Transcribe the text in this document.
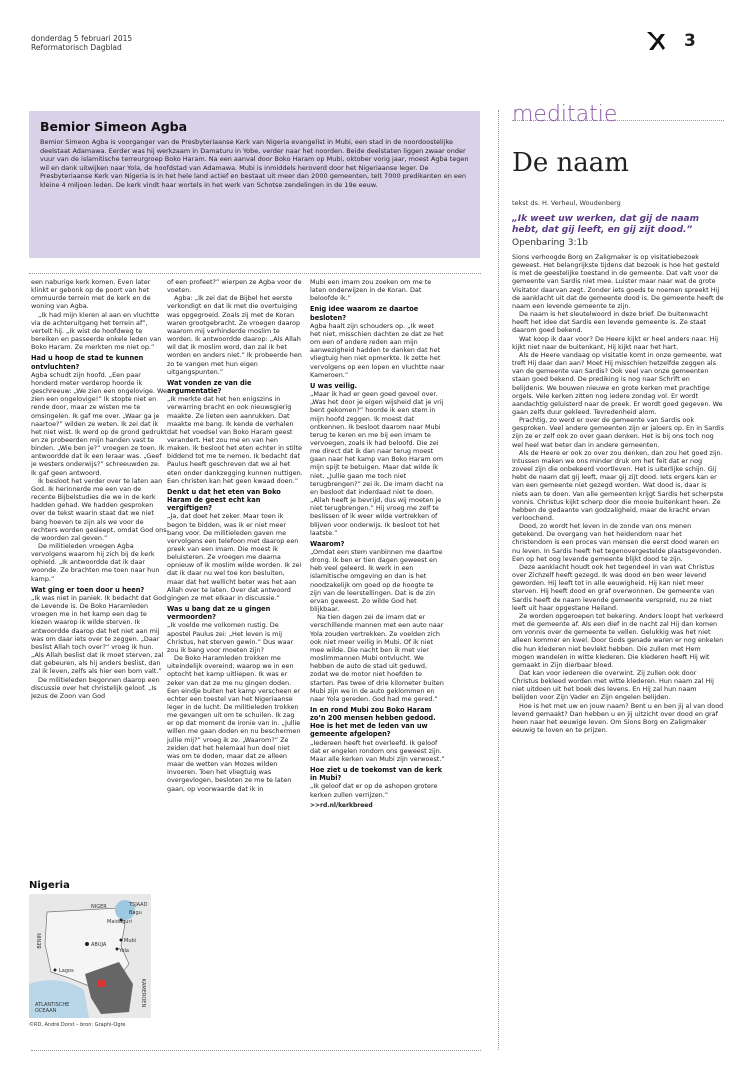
donderdag 5 februari 2015
Reformatorisch Dagblad	3
Bemior Simeon Agba

Bemior Simeon Agba is voorganger van de Presbyteriaanse Kerk van Nigeria evangelist in Mubi, een stad in de noordoostelijke deelstaat Adamawa. Eerder was hij werkzaam in Damaturu in Yobe, verder naar het noorden. Beide deelstaten liggen zwaar onder vuur van de islamitische terreurgroep Boko Haram. Na een aanval door Boko Haram op Mubi, oktober vorig jaar, moest Agba tegen wil en dank uitwijken naar Yola, de hoofdstad van Adamawa. Mubi is inmiddels heroverd door het Nigeriaanse leger. De Presbyteriaanse Kerk van Nigeria is in het hele land actief en bestaat uit meer dan 2000 gemeenten, telt 7000 predikanten en een kleine 4 miljoen leden. De kerk vindt haar wortels in het werk van Schotse zendelingen in de 19e eeuw.

een naburige kerk komen. Even later klinkt er gebonk op de poort van het ommuurde terrein met de kerk en de woning van Agba.

„Ik had mijn kleren al aan en vluchtte via de achteruitgang het terrein af”, vertelt hij. „Ik wist de hoofdweg te bereiken en passeerde enkele leden van Boko Haram. Ze merkten me niet op.”

Had u hoop de stad te kunnen ontvluchten?

Agba schudt zijn hoofd. „Een paar honderd meter verderop hoorde ik geschreeuw: „We zien een ongelovige. We zien een ongelovige!” Ik stopte niet en rende door, maar ze wisten me te omsingelen. Ik gaf me over. „Waar ga je naartoe?” wilden ze weten. Ik zei dat ik het niet wist. Ik werd op de grond gedrukt en ze probeerden mijn handen vast te binden. „Wie ben je?” vroegen ze toen. Ik antwoordde dat ik een leraar was. „Geef je westers onderwijs?” schreeuwden ze. Ik gaf geen antwoord.

Ik besloot het verder over te laten aan God. Ik herinnerde me een van de recente Bijbelstudies die we in de kerk hadden gehad. We hadden gesproken over de tekst waarin staat dat we niet bang hoeven te zijn als we voor de rechters worden gesleept, omdat God ons de woorden zal geven.”

De militieleden vroegen Agba vervolgens waarom hij zich bij de kerk ophield. „Ik antwoordde dat ik daar woonde. Ze brachten me toen naar hun kamp.”

Wat ging er toen door u heen?

„Ik was niet in paniek. Ik bedacht dat God de Levende is. De Boko Haramleden vroegen me in het kamp een dag te kiezen waarop ik wilde sterven. Ik antwoordde daarop dat het niet aan mij was om daar iets over te zeggen. „Daar beslist Allah toch over?” vroeg ik hun. „Als Allah beslist dat ik moet sterven, zal dat gebeuren, als hij anders beslist, dan zal ik leven, zelfs als hier een bom valt.”

De militieleden begonnen daarop een discussie over het christelijk geloof. „Is Jezus de Zoon van God

of een profeet?” wierpen ze Agba voor de voeten.

Agba: „Ik zei dat de Bijbel het eerste verkondigt en dat ik met die overtuiging was opgegroeid. Zoals zij met de Koran waren grootgebracht. Ze vroegen daarop waarom mij verhinderde moslim te worden. Ik antwoordde daarop: „Als Allah wil dat ik moslim word, dan zal ik het worden en anders niet.” Ik probeerde hen zo te vangen met hun eigen uitgangspunten.”

Wat vonden ze van die argumentatie?

„Ik merkte dat het hen enigszins in verwarring bracht en ook nieuwsgierig maakte. Ze lieten een aanrukken. Dat maakte me bang. Ik kende de verhalen dat het voedsel van Boko Haram geest verandert. Het zou me en van hen maken. Ik besloot het eten echter in stilte biddend tot me te nemen. Ik bedacht dat Paulus heeft geschreven dat we al het eten onder dankzegging kunnen nuttigen. Een christen kan het geen kwaad doen.”

Denkt u dat het eten van Boko Haram de geest echt kan vergiftigen?

„Ja, dat doet het zeker. Maar toen ik begon te bidden, was ik er niet meer bang voor. De militieleden gaven me vervolgens een telefoon met daarop een preek van een imam. Die moest ik beluisteren. Ze vroegen me daarna opnieuw of ik moslim wilde worden. Ik zei dat ik daar nu wel toe kon besluiten, maar dat het wellicht beter was het aan Allah over te laten. Over dat antwoord gingen ze met elkaar in discussie.”

Was u bang dat ze u gingen vermoorden?

„Ik voelde me volkomen rustig. De apostel Paulus zei: „Het leven is mij Christus, het sterven gewin.” Dus waar zou ik bang voor moeten zijn?

De Boko Haramleden trokken me uiteindelijk overeind, waarop we in een optocht het kamp uitliepen. Ik was er zeker van dat ze me nu gingen doden. Een eindje buiten het kamp verscheen er echter een toestel van het Nigeriaanse leger in de lucht. De militieleden trokken me gevangen uit om te schuilen. Ik zag er op dat moment de ironie van in. „Jullie willen me gaan doden en nu beschermen jullie mij?” vroeg ik ze. „Waarom?” Ze zeiden dat het helemaal hun doel niet was om te doden, maar dat ze alleen maar de wetten van Mozes wilden invoeren. Toen het vliegtuig was overgevlogen, besloten ze me te laten gaan, op voorwaarde dat ik in

Mubi een imam zou zoeken om me te laten onderwijzen in de Koran. Dat beloofde ik.”

Enig idee waarom ze daartoe besloten?

Agba haalt zijn schouders op. „Ik weet het niet, misschien dachten ze dat ze het om een of andere reden aan mijn aanwezigheid hadden te danken dat het vliegtuig hen niet opmerkte. Ik zette het vervolgens op een lopen en vluchtte naar Kameroen.”

U was veilig.

„Maar ik had er geen goed gevoel over. „Was het door je eigen wijsheid dat je vrij bent gekomen?” hoorde ik een stem in mijn hoofd zeggen. Ik moest dat ontkennen. Ik besloot daarom naar Mubi terug te keren en me bij een imam te vervoegen, zoals ik had beloofd. Die zei me direct dat ik dan naar terug moest gaan naar het kamp van Boko Haram om mijn spijt te betuigen. Maar dat wilde ik niet. „Jullie gaan me toch niet terugbrengen?” zei ik. De imam dacht na en besloot dat inderdaad niet te doen. „Allah heeft je bevrijd, dus wij moeten je niet terugbrengen.” Hij vroeg me zelf te beslissen of ik weer wilde vertrekken of blijven voor onderwijs. Ik besloot tot het laatste.”

Waarom?

„Omdat een stem vanbinnen me daartoe drong. Ik ben er tien dagen geweest en heb veel geleerd. Ik werk in een islamitische omgeving en dan is het noodzakelijk om goed op de hoogte te zijn van de leerstellingen. Dat is de zin ervan geweest. Zo wilde God het blijkbaar.

Na tien dagen zei de imam dat er verschillende mannen met een auto naar Yola zouden vertrekken. Ze voelden zich ook niet meer veilig in Mubi. Of ik niet mee wilde. Die nacht ben ik met vier moslimmannen Mubi ontvlucht. We hebben de auto de stad uit geduwd, zodat we de motor niet hoefden te starten. Pas twee of drie kilometer buiten Mubi zijn we in de auto geklommen en naar Yola gereden. God had me gered.”

In en rond Mubi zou Boko Haram zo’n 200 mensen hebben gedood. Hoe is het met de leden van uw gemeente afgelopen?

„Iedereen heeft het overleefd. Ik geloof dat er engelen rondom ons geweest zijn. Maar alle kerken van Mubi zijn verwoest.”

Hoe ziet u de toekomst van de kerk in Mubi?

„Ik geloof dat er op de ashopen grotere kerken zullen verrijzen.”

>>rd.nl/kerkbreed
Nigeria
NIGER	TSJAAD
Bagu
Maiduguri
BENIN	Mubi
Yola
ABUJA
Lagos
ATLANTISCHE OCEAAN
KAMEROEN
©RD, André Dorst – bron: Graphi-Ogre
meditatie
De naam
tekst ds. H. Verheul, Woudenberg
„Ik weet uw werken, dat gij de naam hebt, dat gij leeft, en gij zijt dood.”
Openbaring 3:1b

Sions verhoogde Borg en Zaligmaker is op visitatiebezoek geweest. Het belangrijkste tijdens dat bezoek is hoe het gesteld is met de geestelijke toestand in de gemeente. Dat valt voor de gemeente van Sardis niet mee. Luister maar naar wat de grote Visitator daarvan zegt. Zonder iets goeds te noemen spreekt Hij de aanklacht uit dat de gemeente dood is. De gemeente heeft de naam een levende gemeente te zijn.

De naam is het sleutelwoord in deze brief. De buitenwacht heeft het idee dat Sardis een levende gemeente is. Ze staat daarom goed bekend.

Wat koop ik daar voor? De Heere kijkt er heel anders naar. Hij kijkt niet naar de buitenkant, Hij kijkt naar het hart.

Als de Heere vandaag op visitatie komt in onze gemeente, wat treft Hij daar dan aan? Moet Hij misschien hetzelfde zeggen als van de gemeente van Sardis? Ook veel van onze gemeenten staan goed bekend. De prediking is nog naar Schrift en belijdenis. We bouwen nieuwe en grote kerken met prachtige orgels. Vele kerken zitten nog iedere zondag vol. Er wordt aandachtig geluisterd naar de preek. Er wordt goed gegeven. We gaan zelfs duur gekleed. Tevredenheid alom.

Prachtig, zo werd er over de gemeente van Sardis ook gesproken. Veel andere gemeenten zijn er jaloers op. En in Sardis zijn ze er zelf ook zo over gaan denken. Het is bij ons toch nog wel heel wat beter dan in andere gemeenten.

Als de Heere er ook zo over zou denken, dan zou het goed zijn. Intussen maken we ons minder druk om het feit dat er nog zoveel zijn die onbekeerd voortleven. Het is uiterlijke schijn. Gij hebt de naam dat gij leeft, maar gij zijt dood. Iets ergers kan er van een gemeente niet gezegd worden. Wat dood is, daar is niets aan te doen. Van alle gemeenten krijgt Sardis het scherpste vonnis. Christus kijkt scherp door die mooie buitenkant heen. Ze hebben de gedaante van godzaligheid, maar de kracht ervan verloochend.

Dood, zo wordt het leven in de zonde van ons menen getekend. De overgang van het heidendom naar het christendom is een proces van mensen die eerst dood waren en nu leven. In Sardis heeft het tegenovergestelde plaatsgevonden. Een op het oog levende gemeente blijkt dood te zijn.

Deze aanklacht houdt ook het tegendeel in van wat Christus over Zichzelf heeft gezegd. Ik was dood en ben weer levend geworden. Hij leeft tot in alle eeuwigheid. Hij kan niet meer sterven. Hij heeft dood en graf overwonnen. De gemeente van Sardis heeft de naam levende gemeente verspreid, nu ze niet leeft uit haar opgestane Heiland.

Ze worden opgeroepen tot bekering. Anders loopt het verkeerd met de gemeente af. Als een dief in de nacht zal Hij dan komen om vonnis over de gemeente te vellen. Gelukkig was het niet alleen kommer en kwel. Door Gods genade waren er nog enkelen die hun klederen niet bevlekt hebben. Die zullen met Hem mogen wandelen in witte klederen. Die klederen heeft Hij wit gemaakt in Zijn dierbaar bloed.

Dat kan voor iedereen die overwint. Zij zullen ook door Christus bekleed worden met witte klederen. Hun naam zal Hij niet uitdoen uit het boek des levens. En Hij zal hun naam belijden voor Zijn Vader en Zijn engelen belijden.

Hoe is het met uw en jouw naam? Bent u en ben jij al van dood levend gemaakt? Dan hebben u en jij uitzicht over dood en graf heen naar het eeuwige leven. Om Sions Borg en Zaligmaker eeuwig te loven en te prijzen.
